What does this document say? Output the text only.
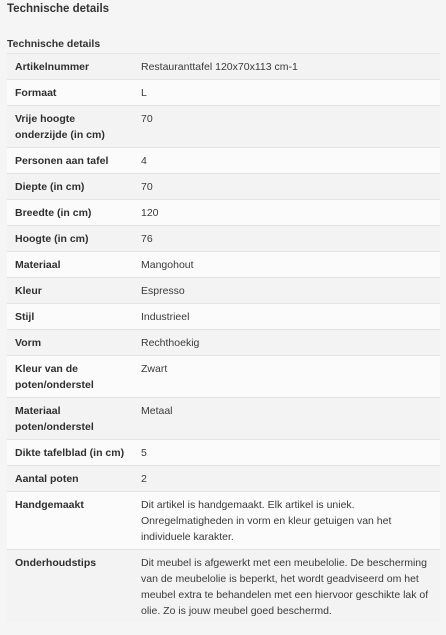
Technische details
Technische details
Artikelnummer	Restauranttafel 120x70x113 cm-1
Formaat	L
Vrije hoogte onderzijde (in cm)	70
Personen aan tafel	4
Diepte (in cm)	70
Breedte (in cm)	120
Hoogte (in cm)	76
Materiaal	Mangohout
Kleur	Espresso
Stijl	Industrieel
Vorm	Rechthoekig
Kleur van de poten/onderstel	Zwart
Materiaal poten/onderstel	Metaal
Dikte tafelblad (in cm)	5
Aantal poten	2
Handgemaakt	Dit artikel is handgemaakt. Elk artikel is uniek. Onregelmatigheden in vorm en kleur getuigen van het individuele karakter.
Onderhoudstips	Dit meubel is afgewerkt met een meubelolie. De bescherming van de meubelolie is beperkt, het wordt geadviseerd om het meubel extra te behandelen met een hiervoor geschikte lak of olie. Zo is jouw meubel goed beschermd.
